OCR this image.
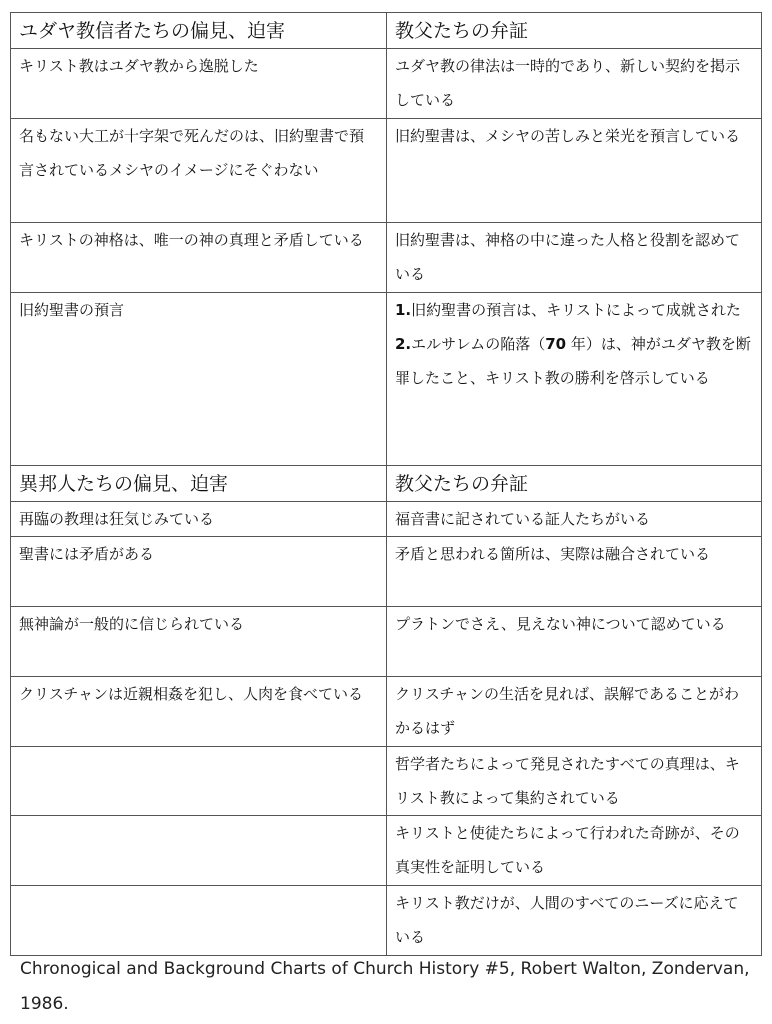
ユダヤ教信者たちの偏見、迫害	教父たちの弁証
キリスト教はユダヤ教から逸脱した	ユダヤ教の律法は一時的であり、新しい契約を掲示している
名もない大工が十字架で死んだのは、旧約聖書で預言されているメシヤのイメージにそぐわない	旧約聖書は、メシヤの苦しみと栄光を預言している
キリストの神格は、唯一の神の真理と矛盾している	旧約聖書は、神格の中に違った人格と役割を認めている
旧約聖書の預言	1.旧約聖書の預言は、キリストによって成就された
2.エルサレムの陥落（70 年）は、神がユダヤ教を断罪したこと、キリスト教の勝利を啓示している

異邦人たちの偏見、迫害	教父たちの弁証
再臨の教理は狂気じみている	福音書に記されている証人たちがいる
聖書には矛盾がある	矛盾と思われる箇所は、実際は融合されている
無神論が一般的に信じられている	プラトンでさえ、見えない神について認めている
クリスチャンは近親相姦を犯し、人肉を食べている	クリスチャンの生活を見れば、誤解であることがわかるはず
	哲学者たちによって発見されたすべての真理は、キリスト教によって集約されている
	キリストと使徒たちによって行われた奇跡が、その真実性を証明している
	キリスト教だけが、人間のすべてのニーズに応えている
Chronogical and Background Charts of Church History #5, Robert Walton, Zondervan, 1986.
